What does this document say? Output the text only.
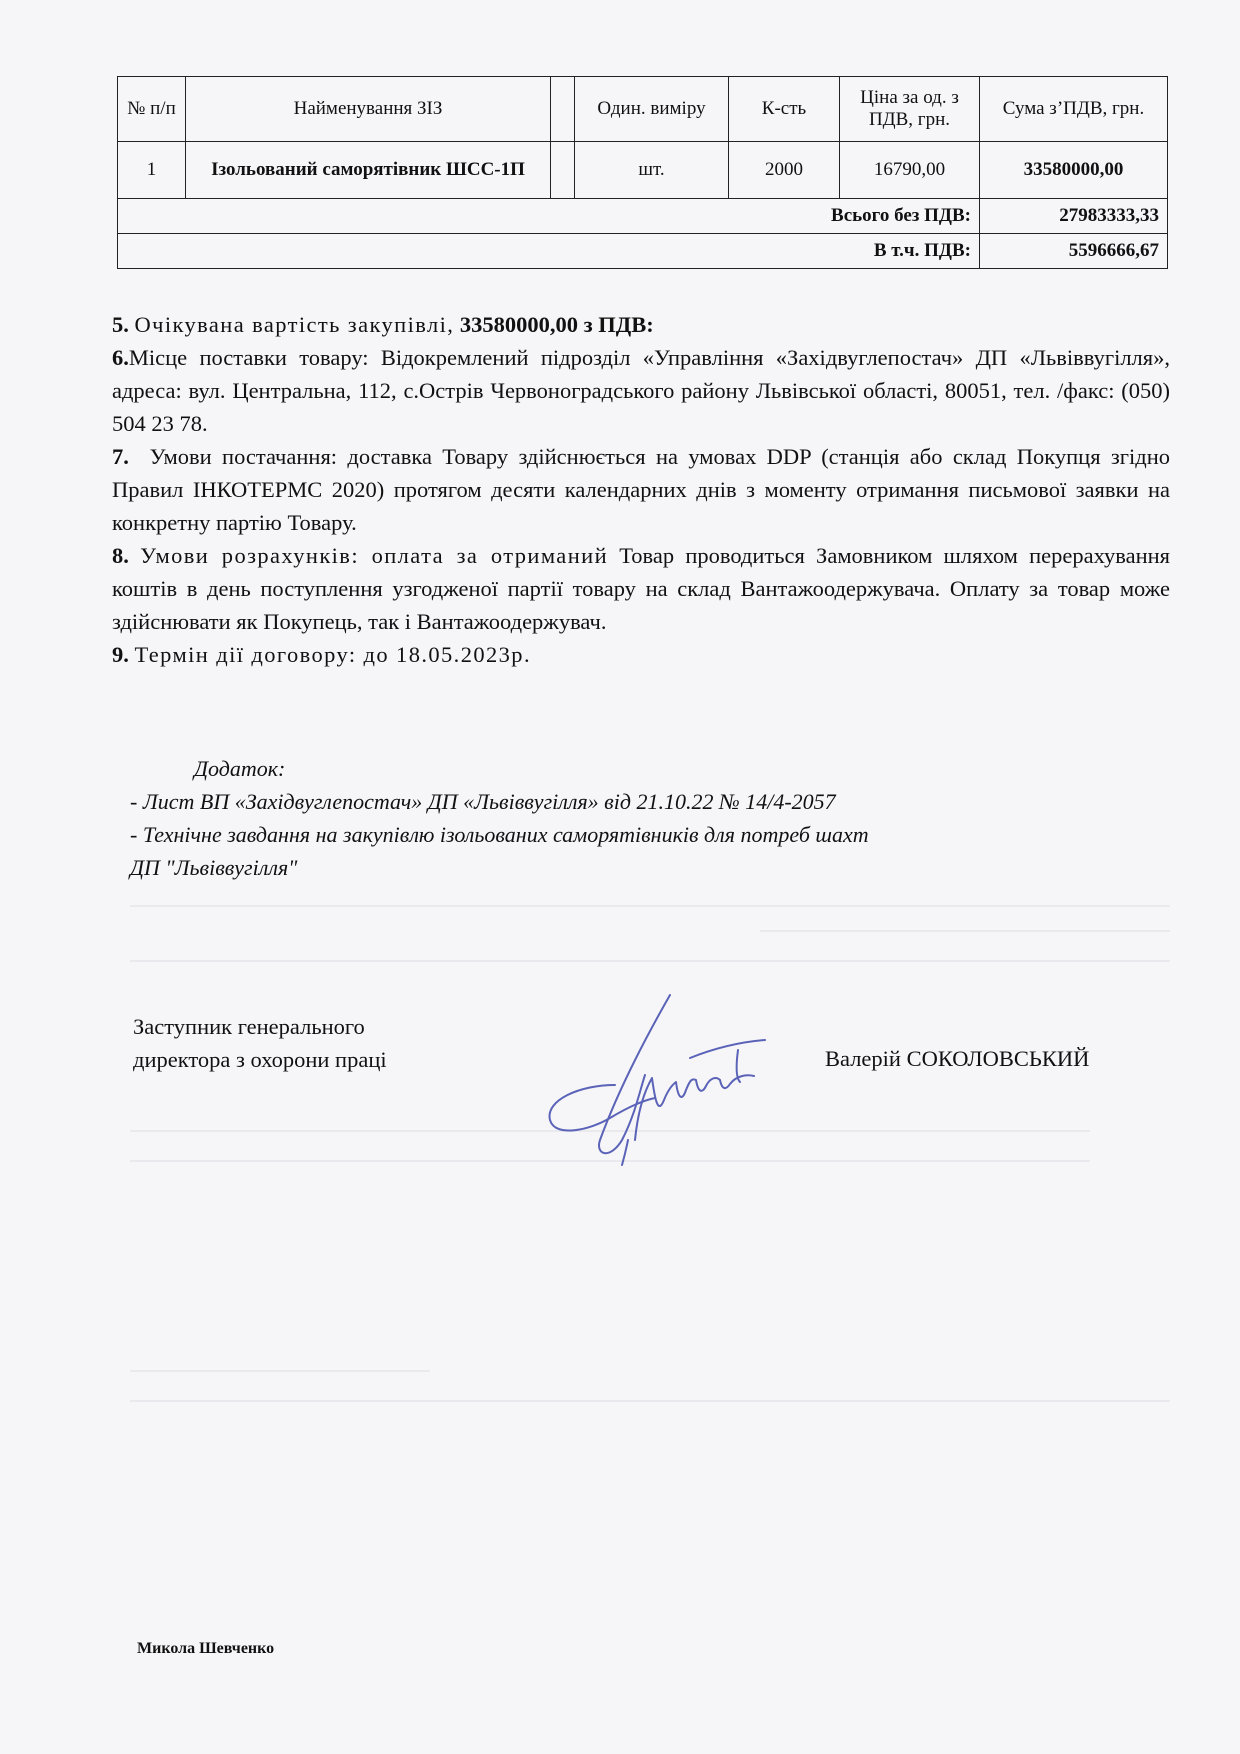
№ п/п	Найменування ЗІЗ		Один. виміру	К-сть	Ціна за од. з ПДВ, грн.	Сума з’ПДВ, грн.
1	Ізольований саморятівник ШСС-1П		шт.	2000	16790,00	33580000,00
Всього без ПДВ:						27983333,33
В т.ч. ПДВ:						5596666,67

5. Очікувана вартість закупівлі, 33580000,00 з ПДВ:

6.Місце поставки товару: Відокремлений підрозділ «Управління «Західвуглепостач» ДП «Львіввугілля», адреса: вул. Центральна, 112, с.Острів Червоноградського району Львівської області, 80051, тел. /факс: (050) 504 23 78.

7. Умови постачання: доставка Товару здійснюється на умовах DDP (станція або склад Покупця згідно Правил ІНКОТЕРМС 2020) протягом десяти календарних днів з моменту отримання письмової заявки на конкретну партію Товару.

8. Умови розрахунків: оплата за отриманий Товар проводиться Замовником шляхом перерахування коштів в день поступлення узгодженої партії товару на склад Вантажоодержувача. Оплату за товар може здійснювати як Покупець, так і Вантажоодержувач.

9. Термін дії договору: до 18.05.2023р.

Додаток:

- Лист ВП «Західвуглепостач» ДП «Львіввугілля» від 21.10.22 № 14/4-2057

- Технічне завдання на закупівлю ізольованих саморятівників для потреб шахт

ДП "Львіввугілля"

Заступник генерального
директора з охорони праці	Валерій СОКОЛОВСЬКИЙ
Микола Шевченко
